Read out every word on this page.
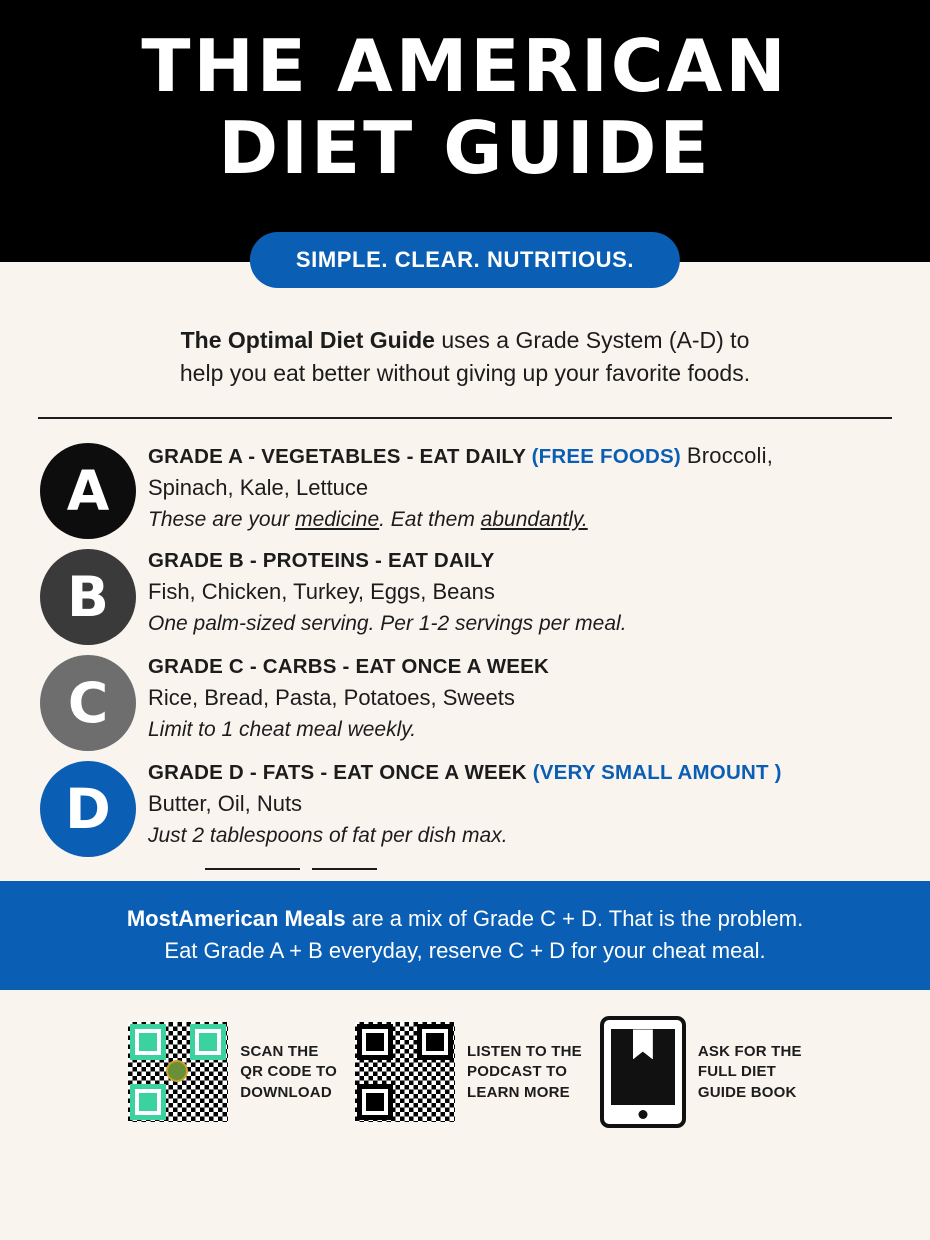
THE AMERICAN
DIET GUIDE
SIMPLE. CLEAR. NUTRITIOUS.
The Optimal Diet Guide uses a Grade System (A-D) to
help you eat better without giving up your favorite foods.
A
GRADE A - VEGETABLES - EAT DAILY (FREE FOODS) Broccoli,
Spinach, Kale, Lettuce
These are your medicine. Eat them abundantly.
B
GRADE B - PROTEINS - EAT DAILY
Fish, Chicken, Turkey, Eggs, Beans
One palm-sized serving. Per 1-2 servings per meal.
C
GRADE C - CARBS - EAT ONCE A WEEK
Rice, Bread, Pasta, Potatoes, Sweets
Limit to 1 cheat meal weekly.
D
GRADE D - FATS - EAT ONCE A WEEK (VERY SMALL AMOUNT )
Butter, Oil, Nuts
Just 2 tablespoons of fat per dish max.
MostAmerican Meals are a mix of Grade C + D. That is the problem.
Eat Grade A + B everyday, reserve C + D for your cheat meal.
SCAN THE
QR CODE TO
DOWNLOAD
LISTEN TO THE
PODCAST TO
LEARN MORE
ASK FOR THE
FULL DIET
GUIDE BOOK
